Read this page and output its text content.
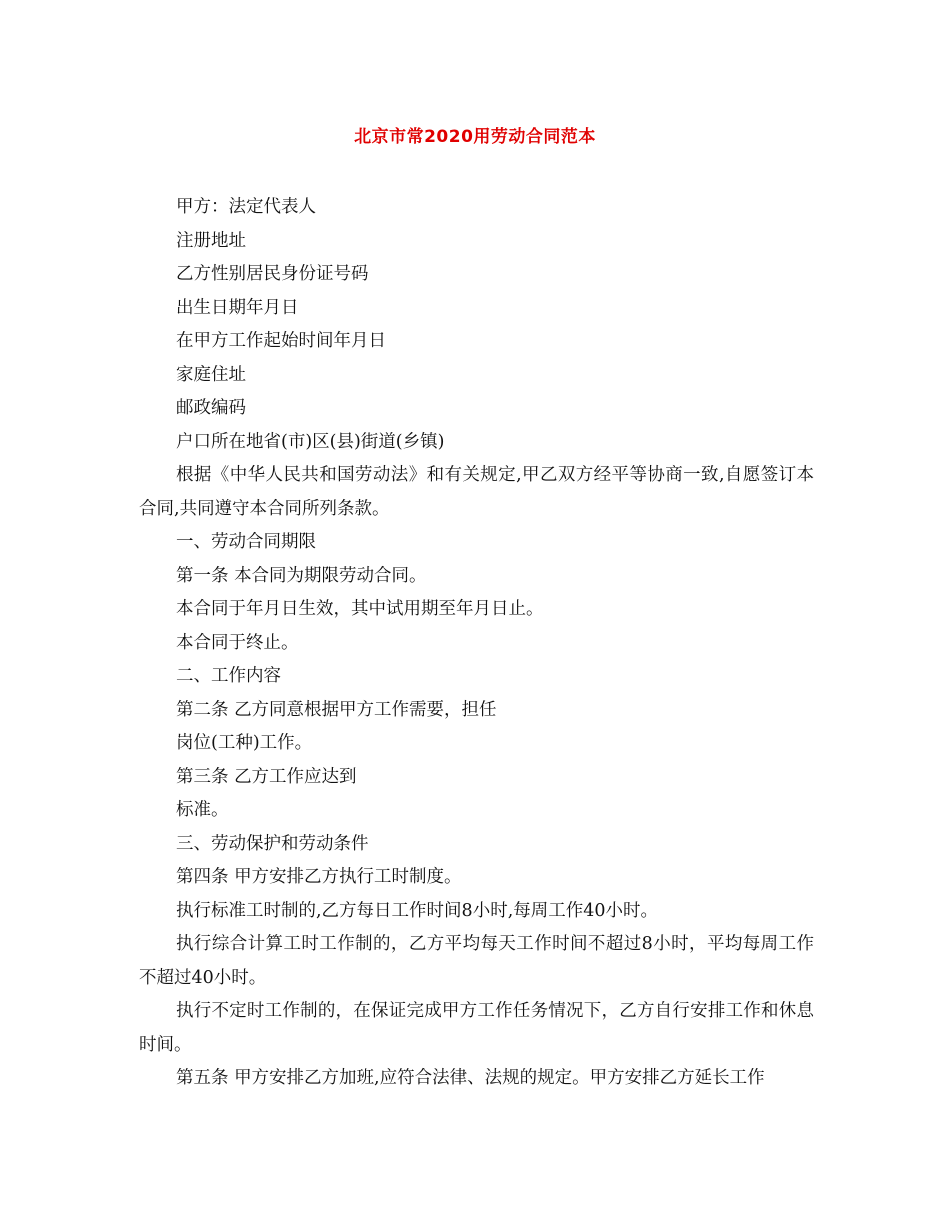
北京市常2020用劳动合同范本

甲方：法定代表人

注册地址

乙方性别居民身份证号码

出生日期年月日

在甲方工作起始时间年月日

家庭住址

邮政编码

户口所在地省(市)区(县)街道(乡镇)

根据《中华人民共和国劳动法》和有关规定,甲乙双方经平等协商一致,自愿签订本合同,共同遵守本合同所列条款。

一、劳动合同期限

第一条 本合同为期限劳动合同。

本合同于年月日生效，其中试用期至年月日止。

本合同于终止。

二、工作内容

第二条 乙方同意根据甲方工作需要，担任

岗位(工种)工作。

第三条 乙方工作应达到

标准。

三、劳动保护和劳动条件

第四条 甲方安排乙方执行工时制度。

执行标准工时制的,乙方每日工作时间8小时,每周工作40小时。

执行综合计算工时工作制的，乙方平均每天工作时间不超过8小时，平均每周工作不超过40小时。

执行不定时工作制的，在保证完成甲方工作任务情况下，乙方自行安排工作和休息时间。

第五条 甲方安排乙方加班,应符合法律、法规的规定。甲方安排乙方延长工作
